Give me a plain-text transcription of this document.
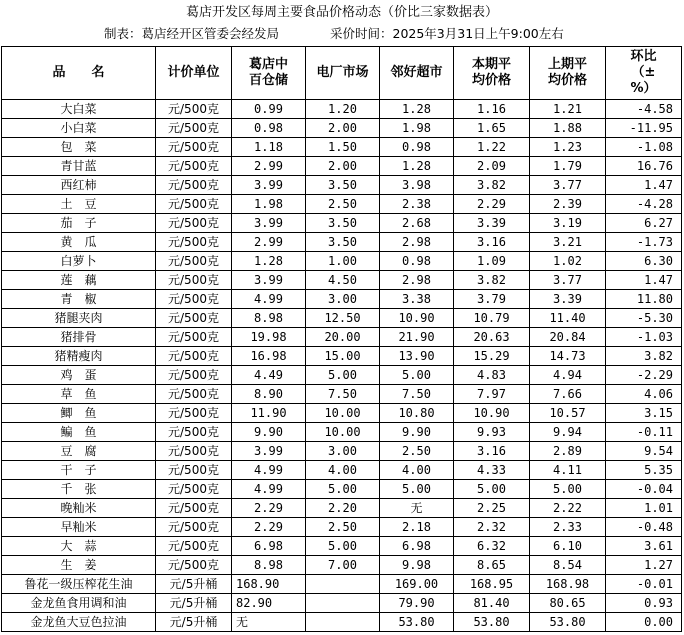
葛店开发区每周主要食品价格动态（价比三家数据表）
制表：葛店经开区管委会经发局	采价时间：2025年3月31日上午9:00左右
品　　名	计价单位	葛店中百仓储	电厂市场	邻好超市	本期平均价格	上期平均价格	环比（±%）
大白菜	元/500克	0.99	1.20	1.28	1.16	1.21	-4.58
小白菜	元/500克	0.98	2.00	1.98	1.65	1.88	-11.95
包　菜	元/500克	1.18	1.50	0.98	1.22	1.23	-1.08
青甘蓝	元/500克	2.99	2.00	1.28	2.09	1.79	16.76
西红柿	元/500克	3.99	3.50	3.98	3.82	3.77	1.47
土　豆	元/500克	1.98	2.50	2.38	2.29	2.39	-4.28
茄　子	元/500克	3.99	3.50	2.68	3.39	3.19	6.27
黄　瓜	元/500克	2.99	3.50	2.98	3.16	3.21	-1.73
白萝卜	元/500克	1.28	1.00	0.98	1.09	1.02	6.30
莲　藕	元/500克	3.99	4.50	2.98	3.82	3.77	1.47
青　椒	元/500克	4.99	3.00	3.38	3.79	3.39	11.80
猪腿夹肉	元/500克	8.98	12.50	10.90	10.79	11.40	-5.30
猪排骨	元/500克	19.98	20.00	21.90	20.63	20.84	-1.03
猪精瘦肉	元/500克	16.98	15.00	13.90	15.29	14.73	3.82
鸡　蛋	元/500克	4.49	5.00	5.00	4.83	4.94	-2.29
草　鱼	元/500克	8.90	7.50	7.50	7.97	7.66	4.06
鲫　鱼	元/500克	11.90	10.00	10.80	10.90	10.57	3.15
鳊　鱼	元/500克	9.90	10.00	9.90	9.93	9.94	-0.11
豆　腐	元/500克	3.99	3.00	2.50	3.16	2.89	9.54
干　子	元/500克	4.99	4.00	4.00	4.33	4.11	5.35
千　张	元/500克	4.99	5.00	5.00	5.00	5.00	-0.04
晚籼米	元/500克	2.29	2.20	无	2.25	2.22	1.01
早籼米	元/500克	2.29	2.50	2.18	2.32	2.33	-0.48
大　蒜	元/500克	6.98	5.00	6.98	6.32	6.10	3.61
生　姜	元/500克	8.98	7.00	9.98	8.65	8.54	1.27
鲁花一级压榨花生油	元/5升桶	168.90		169.00	168.95	168.98	-0.01
金龙鱼食用调和油	元/5升桶	82.90		79.90	81.40	80.65	0.93
金龙鱼大豆色拉油	元/5升桶	无		53.80	53.80	53.80	0.00
